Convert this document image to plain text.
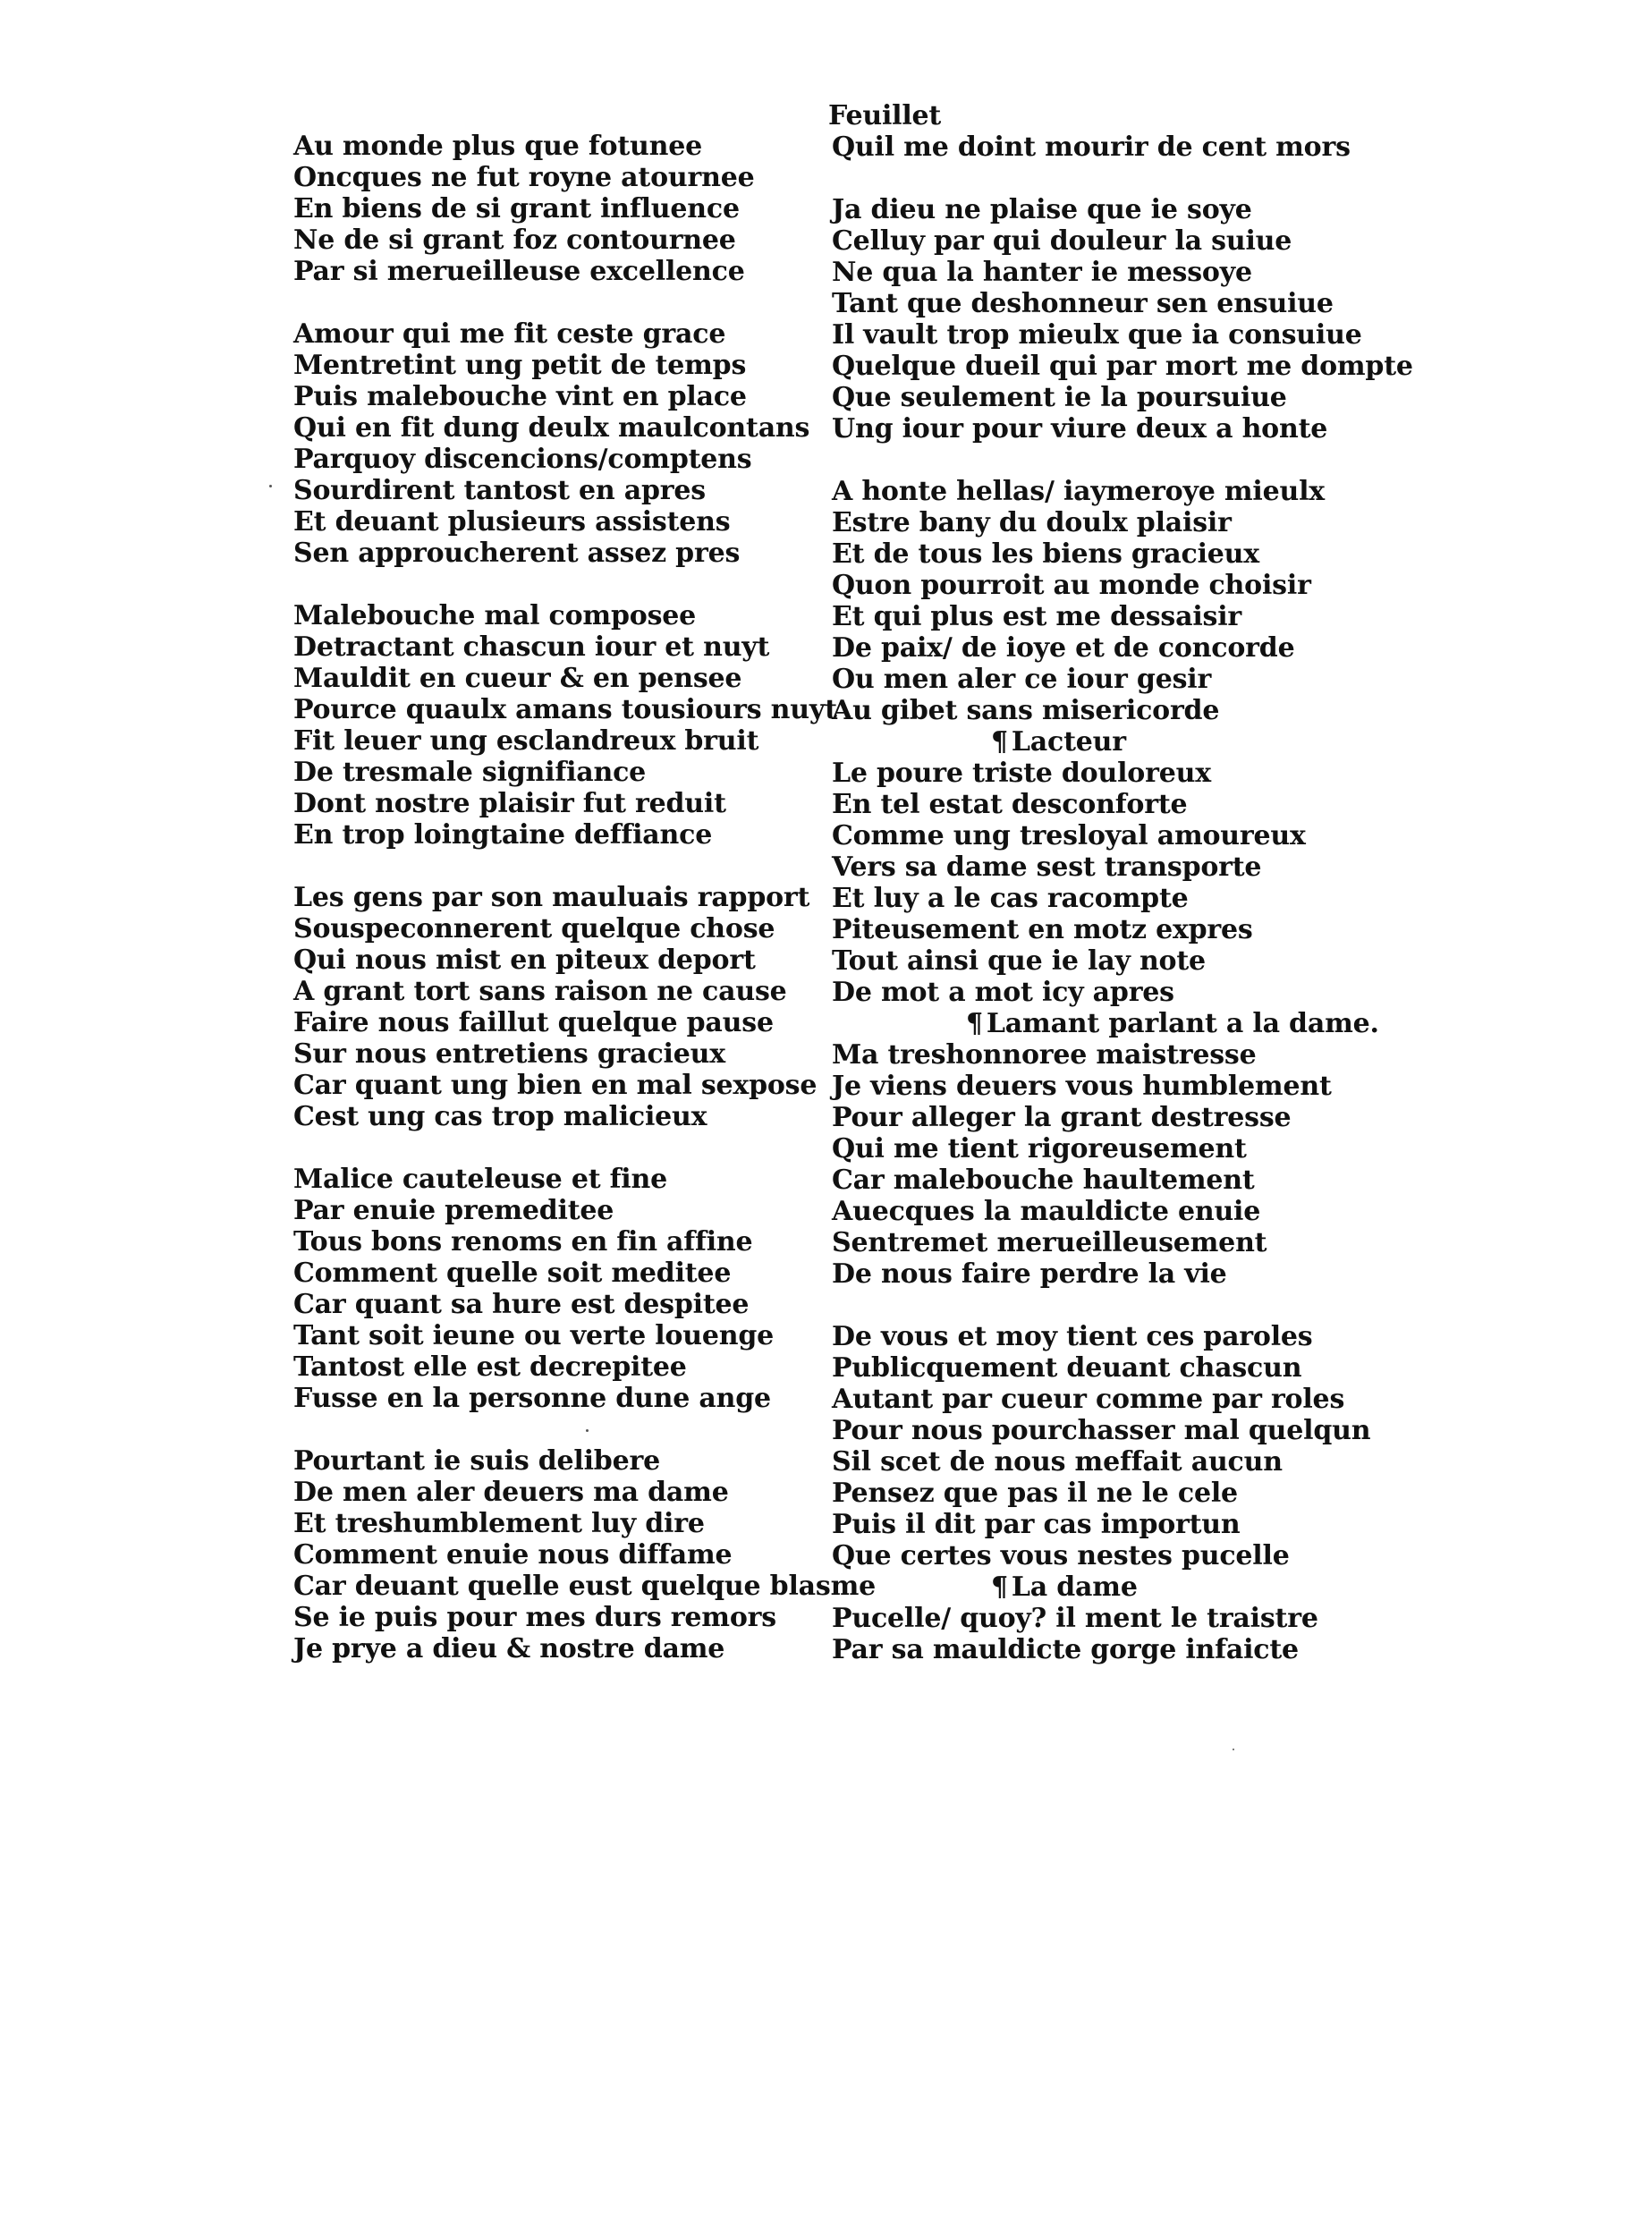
Au monde plus que fotunee
Oncques ne fut royne atournee
En biens de si grant influence
Ne de si grant foz contournee
Par si merueilleuse excellence
Amour qui me fit ceste grace
Mentretint ung petit de temps
Puis malebouche vint en place
Qui en fit dung deulx maulcontans
Parquoy discencions/comptens
Sourdirent tantost en apres
Et deuant plusieurs assistens
Sen approucherent assez pres
Malebouche mal composee
Detractant chascun iour et nuyt
Mauldit en cueur & en pensee
Pource quaulx amans tousiours nuyt
Fit leuer ung esclandreux bruit
De tresmale signifiance
Dont nostre plaisir fut reduit
En trop loingtaine deffiance
Les gens par son mauluais rapport
Souspeconnerent quelque chose
Qui nous mist en piteux deport
A grant tort sans raison ne cause
Faire nous faillut quelque pause
Sur nous entretiens gracieux
Car quant ung bien en mal sexpose
Cest ung cas trop malicieux
Malice cauteleuse et fine
Par enuie premeditee
Tous bons renoms en fin affine
Comment quelle soit meditee
Car quant sa hure est despitee
Tant soit ieune ou verte louenge
Tantost elle est decrepitee
Fusse en la personne dune ange
Pourtant ie suis delibere
De men aler deuers ma dame
Et treshumblement luy dire
Comment enuie nous diffame
Car deuant quelle eust quelque blasme
Se ie puis pour mes durs remors
Je prye a dieu & nostre dame
Feuillet
Quil me doint mourir de cent mors
Ja dieu ne plaise que ie soye
Celluy par qui douleur la suiue
Ne qua la hanter ie messoye
Tant que deshonneur sen ensuiue
Il vault trop mieulx que ia consuiue
Quelque dueil qui par mort me dompte
Que seulement ie la poursuiue
Ung iour pour viure deux a honte
A honte hellas/ iaymeroye mieulx
Estre bany du doulx plaisir
Et de tous les biens gracieux
Quon pourroit au monde choisir
Et qui plus est me dessaisir
De paix/ de ioye et de concorde
Ou men aler ce iour gesir
Au gibet sans misericorde
¶ Lacteur
Le poure triste douloreux
En tel estat desconforte
Comme ung tresloyal amoureux
Vers sa dame sest transporte
Et luy a le cas racompte
Piteusement en motz expres
Tout ainsi que ie lay note
De mot a mot icy apres
¶ Lamant parlant a la dame.
Ma treshonnoree maistresse
Je viens deuers vous humblement
Pour alleger la grant destresse
Qui me tient rigoreusement
Car malebouche haultement
Auecques la mauldicte enuie
Sentremet merueilleusement
De nous faire perdre la vie
De vous et moy tient ces paroles
Publicquement deuant chascun
Autant par cueur comme par roles
Pour nous pourchasser mal quelqun
Sil scet de nous meffait aucun
Pensez que pas il ne le cele
Puis il dit par cas importun
Que certes vous nestes pucelle
¶ La dame
Pucelle/ quoy? il ment le traistre
Par sa mauldicte gorge infaicte
